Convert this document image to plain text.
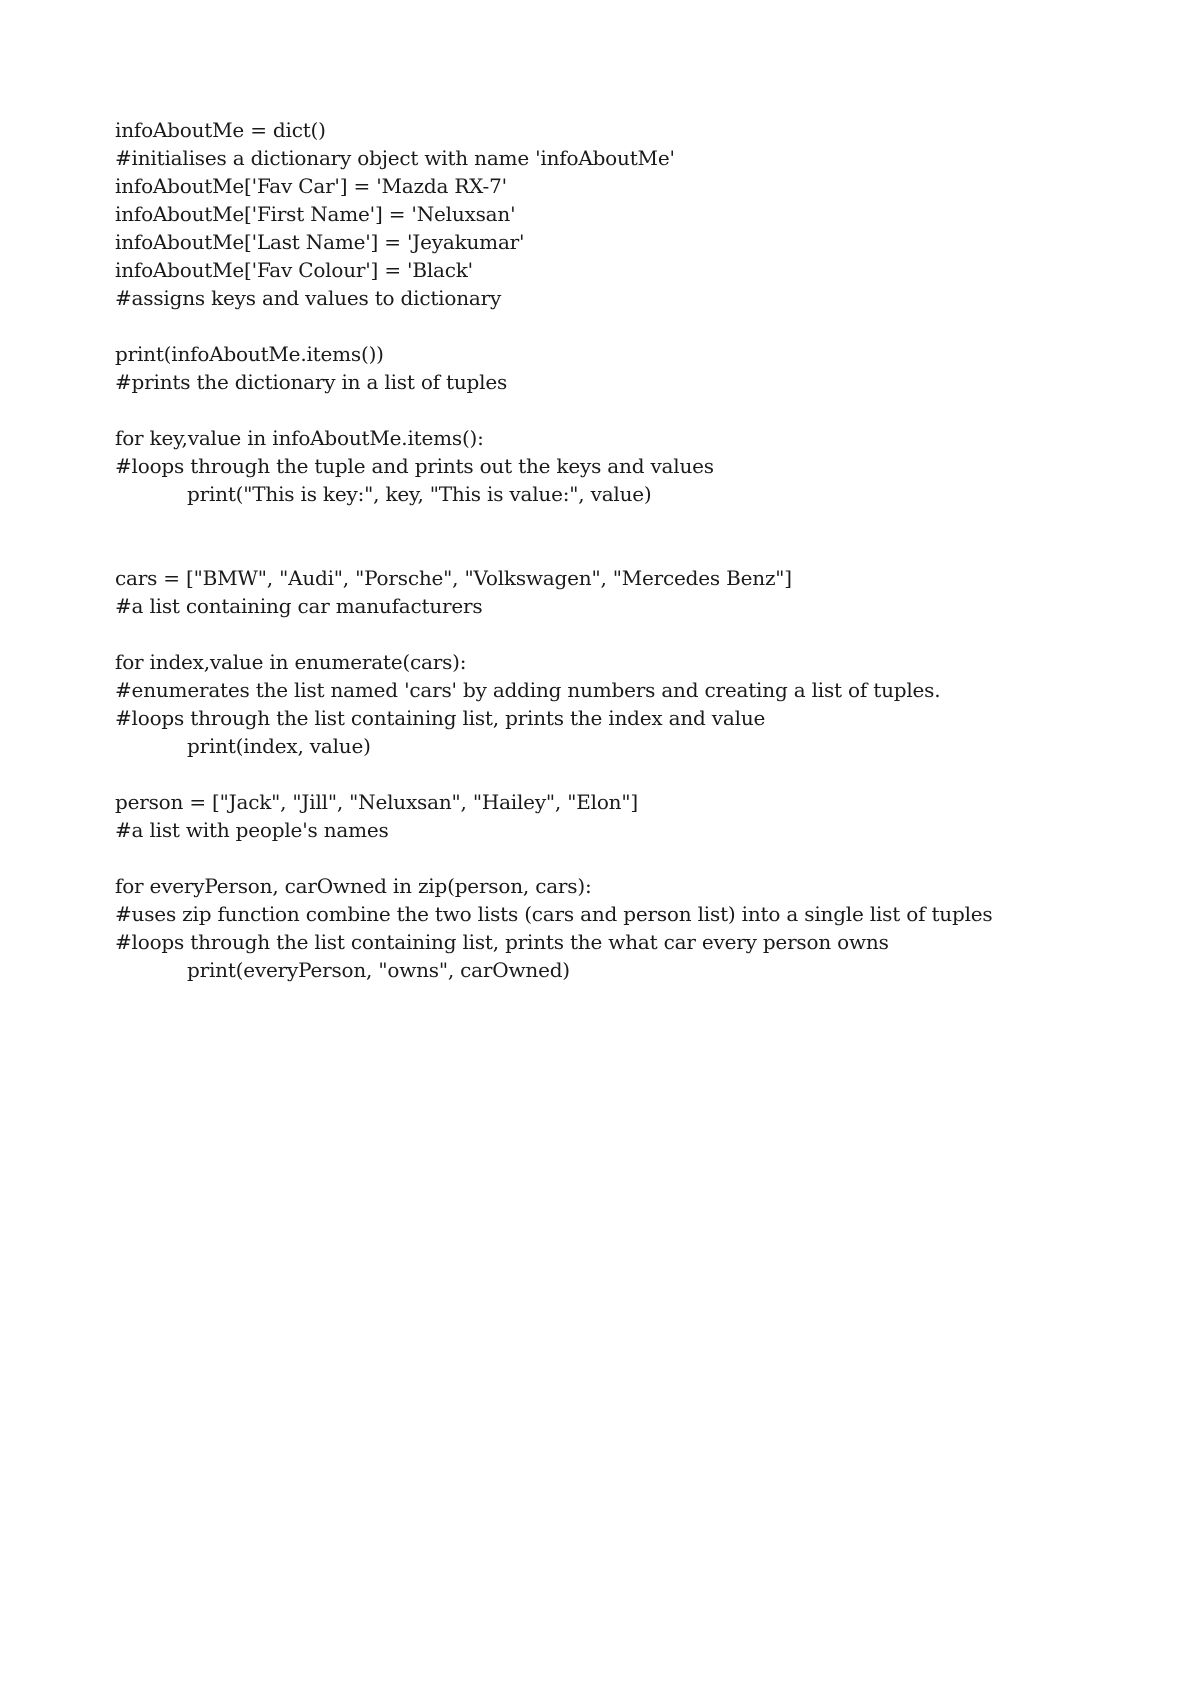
infoAboutMe = dict()
#initialises a dictionary object with name 'infoAboutMe'
infoAboutMe['Fav Car'] = 'Mazda RX-7'
infoAboutMe['First Name'] = 'Neluxsan'
infoAboutMe['Last Name'] = 'Jeyakumar'
infoAboutMe['Fav Colour'] = 'Black'
#assigns keys and values to dictionary
print(infoAboutMe.items())
#prints the dictionary in a list of tuples
for key,value in infoAboutMe.items():
#loops through the tuple and prints out the keys and values
print("This is key:", key, "This is value:", value)
cars = ["BMW", "Audi", "Porsche", "Volkswagen", "Mercedes Benz"]
#a list containing car manufacturers
for index,value in enumerate(cars):
#enumerates the list named 'cars' by adding numbers and creating a list of tuples.
#loops through the list containing list, prints the index and value
print(index, value)
person = ["Jack", "Jill", "Neluxsan", "Hailey", "Elon"]
#a list with people's names
for everyPerson, carOwned in zip(person, cars):
#uses zip function combine the two lists (cars and person list) into a single list of tuples
#loops through the list containing list, prints the what car every person owns
print(everyPerson, "owns", carOwned)
